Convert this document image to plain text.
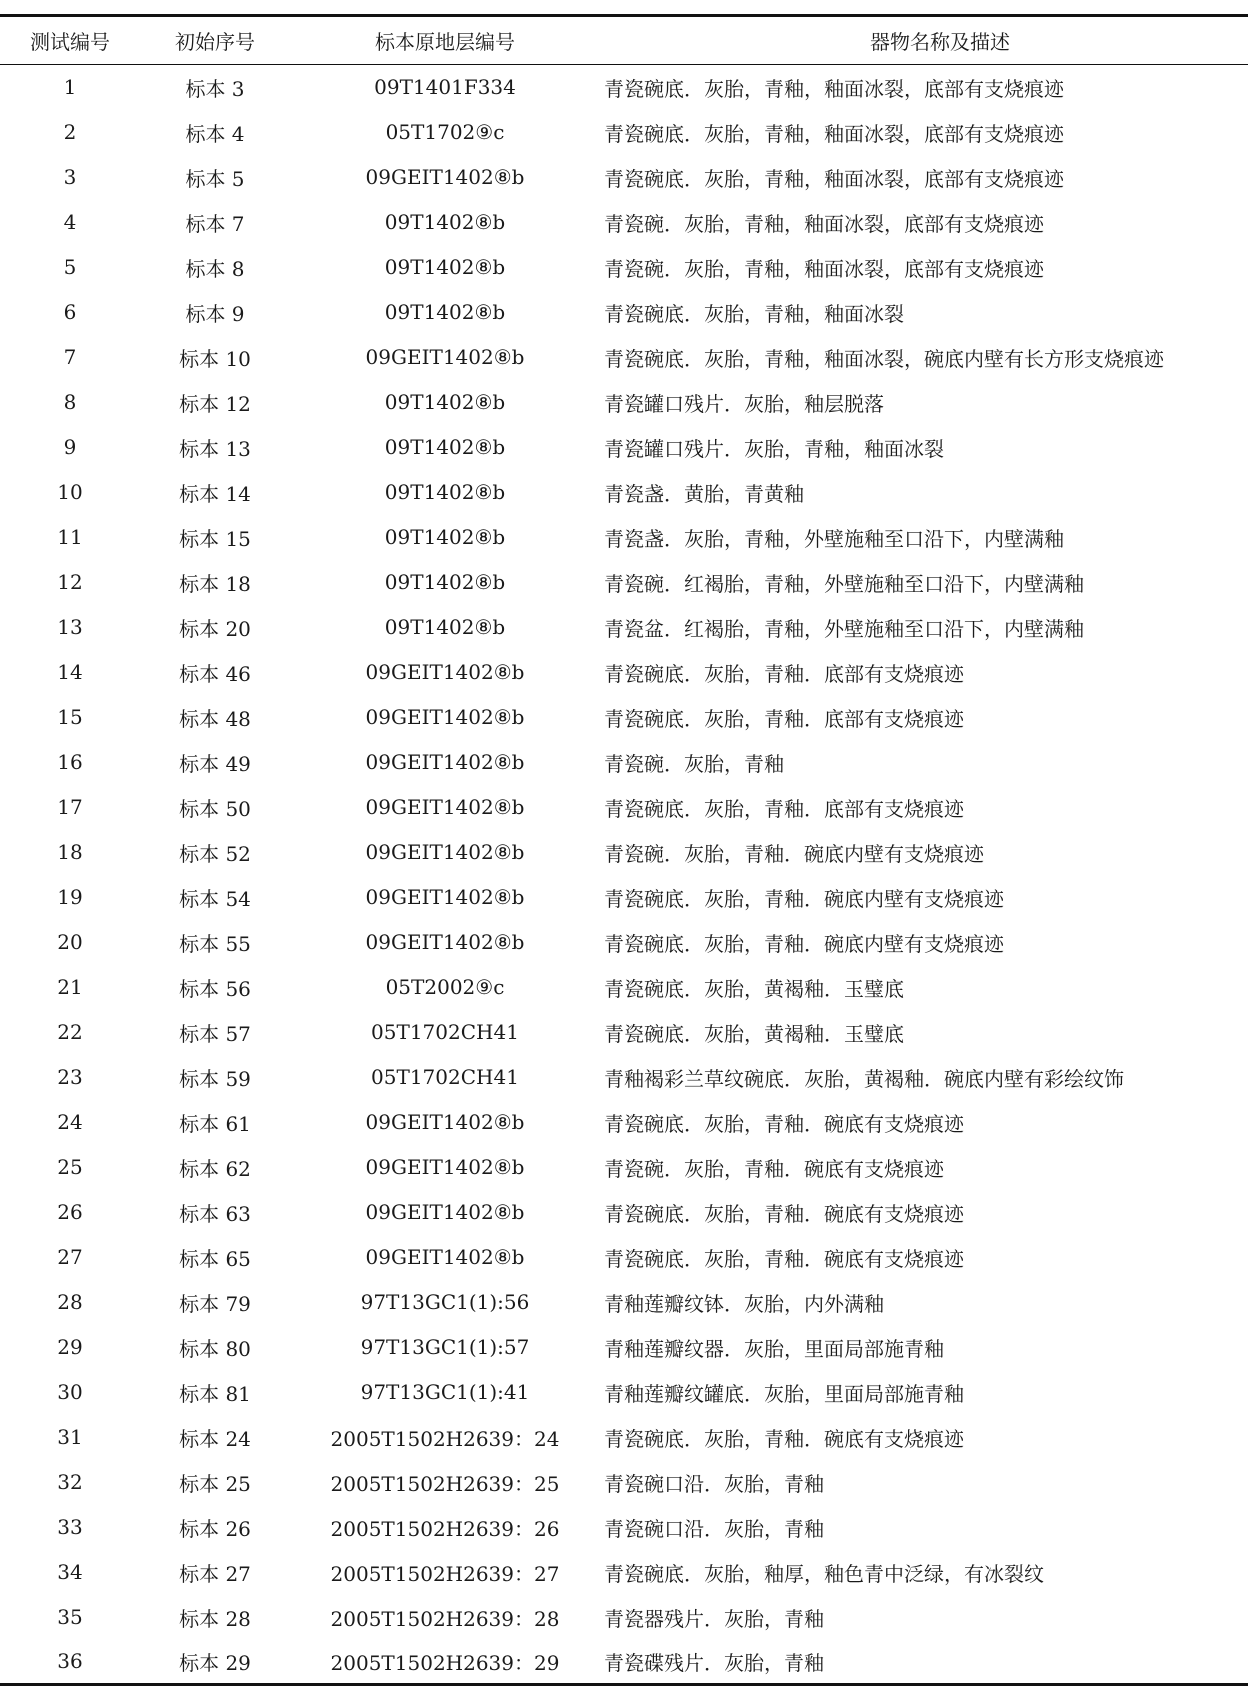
测试编号	初始序号	标本原地层编号	器物名称及描述
1	标本 3	09T1401F334	青瓷碗底．灰胎，青釉，釉面冰裂，底部有支烧痕迹
2	标本 4	05T1702⑨c	青瓷碗底．灰胎，青釉，釉面冰裂，底部有支烧痕迹
3	标本 5	09GEIT1402⑧b	青瓷碗底．灰胎，青釉，釉面冰裂，底部有支烧痕迹
4	标本 7	09T1402⑧b	青瓷碗．灰胎，青釉，釉面冰裂，底部有支烧痕迹
5	标本 8	09T1402⑧b	青瓷碗．灰胎，青釉，釉面冰裂，底部有支烧痕迹
6	标本 9	09T1402⑧b	青瓷碗底．灰胎，青釉，釉面冰裂
7	标本 10	09GEIT1402⑧b	青瓷碗底．灰胎，青釉，釉面冰裂，碗底内壁有长方形支烧痕迹
8	标本 12	09T1402⑧b	青瓷罐口残片．灰胎，釉层脱落
9	标本 13	09T1402⑧b	青瓷罐口残片．灰胎，青釉，釉面冰裂
10	标本 14	09T1402⑧b	青瓷盏．黄胎，青黄釉
11	标本 15	09T1402⑧b	青瓷盏．灰胎，青釉，外壁施釉至口沿下，内壁满釉
12	标本 18	09T1402⑧b	青瓷碗．红褐胎，青釉，外壁施釉至口沿下，内壁满釉
13	标本 20	09T1402⑧b	青瓷盆．红褐胎，青釉，外壁施釉至口沿下，内壁满釉
14	标本 46	09GEIT1402⑧b	青瓷碗底．灰胎，青釉．底部有支烧痕迹
15	标本 48	09GEIT1402⑧b	青瓷碗底．灰胎，青釉．底部有支烧痕迹
16	标本 49	09GEIT1402⑧b	青瓷碗．灰胎，青釉
17	标本 50	09GEIT1402⑧b	青瓷碗底．灰胎，青釉．底部有支烧痕迹
18	标本 52	09GEIT1402⑧b	青瓷碗．灰胎，青釉．碗底内壁有支烧痕迹
19	标本 54	09GEIT1402⑧b	青瓷碗底．灰胎，青釉．碗底内壁有支烧痕迹
20	标本 55	09GEIT1402⑧b	青瓷碗底．灰胎，青釉．碗底内壁有支烧痕迹
21	标本 56	05T2002⑨c	青瓷碗底．灰胎，黄褐釉．玉璧底
22	标本 57	05T1702CH41	青瓷碗底．灰胎，黄褐釉．玉璧底
23	标本 59	05T1702CH41	青釉褐彩兰草纹碗底．灰胎，黄褐釉．碗底内壁有彩绘纹饰
24	标本 61	09GEIT1402⑧b	青瓷碗底．灰胎，青釉．碗底有支烧痕迹
25	标本 62	09GEIT1402⑧b	青瓷碗．灰胎，青釉．碗底有支烧痕迹
26	标本 63	09GEIT1402⑧b	青瓷碗底．灰胎，青釉．碗底有支烧痕迹
27	标本 65	09GEIT1402⑧b	青瓷碗底．灰胎，青釉．碗底有支烧痕迹
28	标本 79	97T13GC1(1):56	青釉莲瓣纹钵．灰胎，内外满釉
29	标本 80	97T13GC1(1):57	青釉莲瓣纹器．灰胎，里面局部施青釉
30	标本 81	97T13GC1(1):41	青釉莲瓣纹罐底．灰胎，里面局部施青釉
31	标本 24	2005T1502H2639：24	青瓷碗底．灰胎，青釉．碗底有支烧痕迹
32	标本 25	2005T1502H2639：25	青瓷碗口沿．灰胎，青釉
33	标本 26	2005T1502H2639：26	青瓷碗口沿．灰胎，青釉
34	标本 27	2005T1502H2639：27	青瓷碗底．灰胎，釉厚，釉色青中泛绿，有冰裂纹
35	标本 28	2005T1502H2639：28	青瓷器残片．灰胎，青釉
36	标本 29	2005T1502H2639：29	青瓷碟残片．灰胎，青釉
